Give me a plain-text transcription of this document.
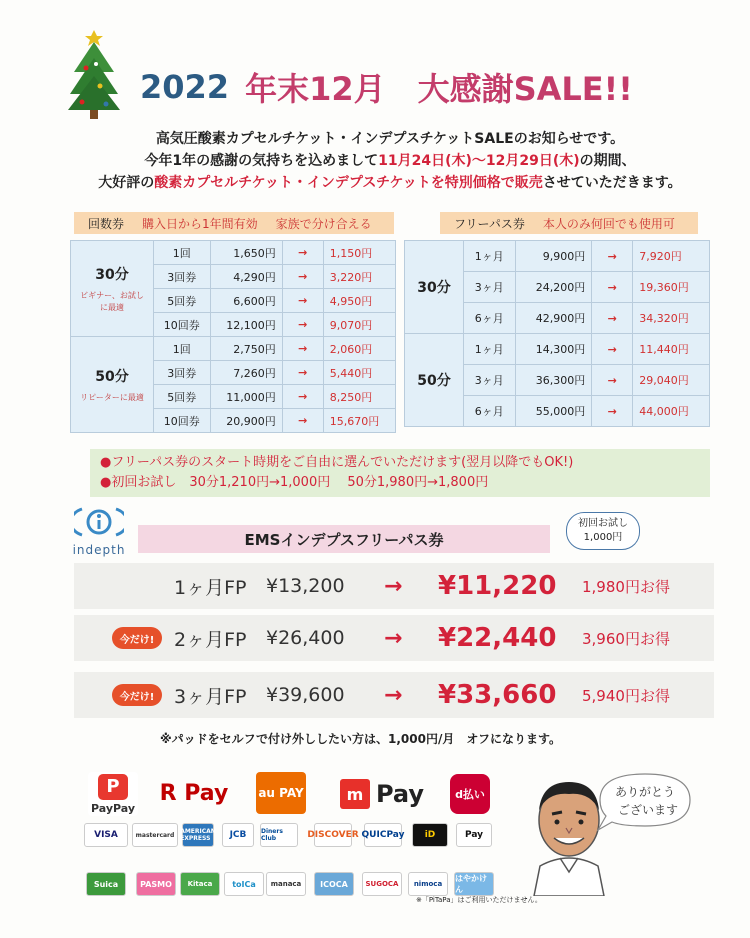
2022 年末12月　大感謝SALE!!
高気圧酸素カプセルチケット・インデプスチケットSALEのお知らせです。
今年1年の感謝の気持ちを込めまして11月24日(木)〜12月29日(木)の期間、
大好評の酸素カプセルチケット・インデプスチケットを特別価格で販売させていただきます。
回数券 購入日から1年間有効 家族で分け合える
30分
ビギナー、お試しに最適	1回	1,650円	→	1,150円
	3回券	4,290円	→	3,220円
	5回券	6,600円	→	4,950円
	10回券	12,100円	→	9,070円
50分
リピーターに最適	1回	2,750円	→	2,060円
	3回券	7,260円	→	5,440円
	5回券	11,000円	→	8,250円
	10回券	20,900円	→	15,670円
フリーパス券 本人のみ何回でも使用可
30分	1ヶ月	9,900円	→	7,920円
	3ヶ月	24,200円	→	19,360円
	6ヶ月	42,900円	→	34,320円
50分	1ヶ月	14,300円	→	11,440円
	3ヶ月	36,300円	→	29,040円
	6ヶ月	55,000円	→	44,000円
●フリーパス券のスタート時期をご自由に選んでいただけます(翌月以降でもOK!)
●初回お試し　30分1,210円→1,000円　 50分1,980円→1,800円
indepth
EMSインデプスフリーパス券
初回お試し
1,000円
1ヶ月FP ¥13,200 → ¥11,220 1,980円お得
今だけ!	2ヶ月FP ¥26,400 → ¥22,440 3,960円お得
今だけ!	3ヶ月FP ¥39,600 → ¥33,660 5,940円お得
※パッドをセルフで付け外ししたい方は、1,000円/月　オフになります。
P
PayPay
R Pay	au PAY	m Pay	d払い
VISA	mastercard AMERICAN EXPRESS	JCB	Diners Club	DISCOVER QUICPay	iD	Pay
Suica	PASMO	Kitaca	toICa	manaca	ICOCA	SUGOCA	nimoca
はやかけん
ありがとう
ございます
※「PiTaPa」はご利用いただけません。
